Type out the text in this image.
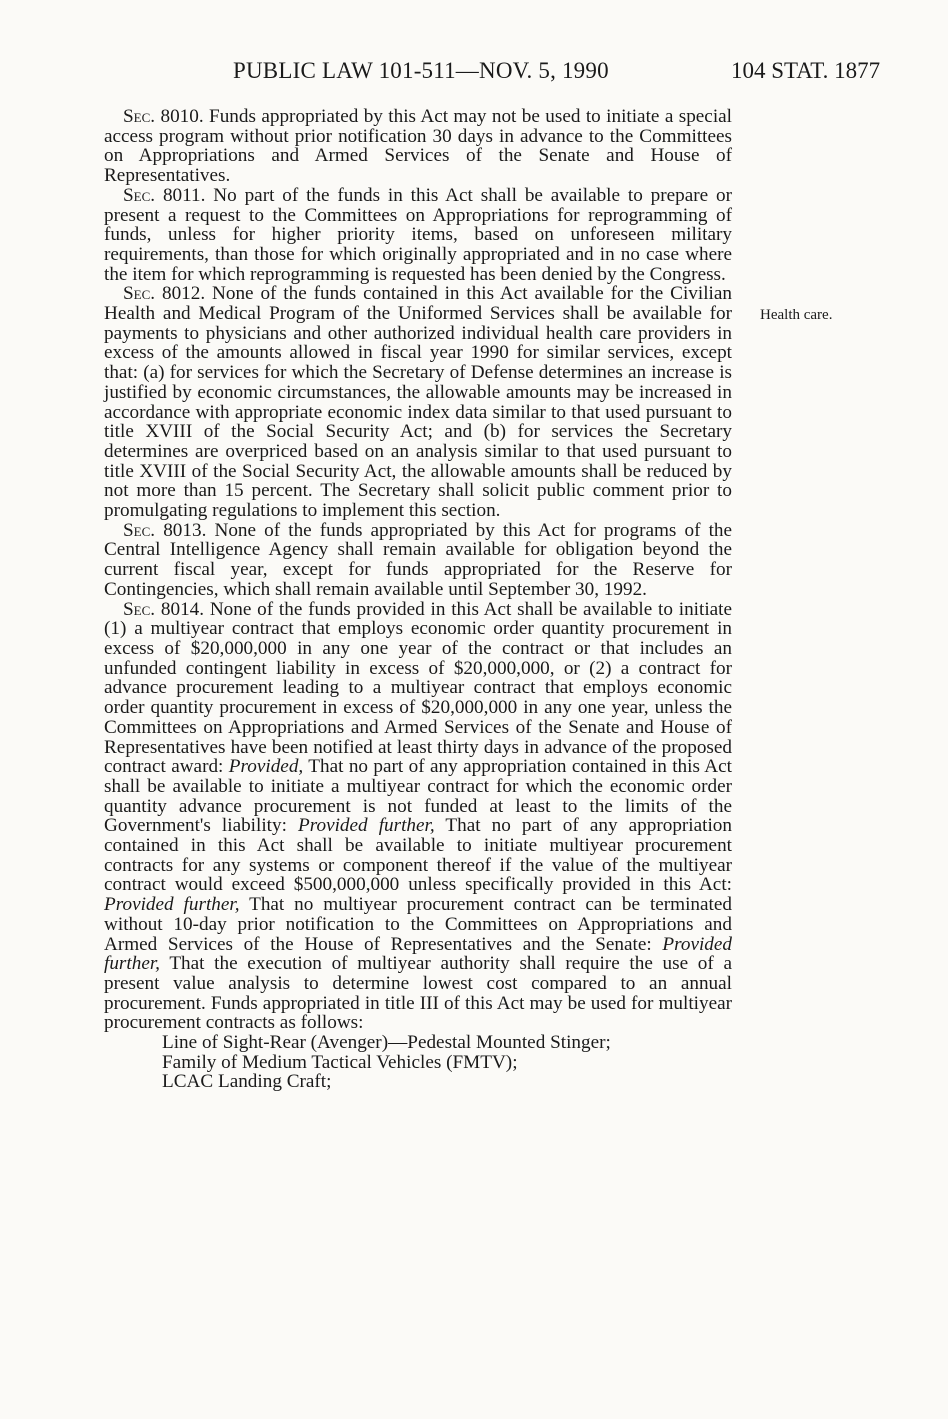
PUBLIC LAW 101-511—NOV. 5, 1990	104 STAT. 1877
Health care.

Sec. 8010. Funds appropriated by this Act may not be used to initiate a special access program without prior notification 30 days in advance to the Committees on Appropriations and Armed Services of the Senate and House of Representatives.

Sec. 8011. No part of the funds in this Act shall be available to prepare or present a request to the Committees on Appropriations for reprogramming of funds, unless for higher priority items, based on unforeseen military requirements, than those for which originally appropriated and in no case where the item for which reprogramming is requested has been denied by the Congress.

Sec. 8012. None of the funds contained in this Act available for the Civilian Health and Medical Program of the Uniformed Services shall be available for payments to physicians and other authorized individual health care providers in excess of the amounts allowed in fiscal year 1990 for similar services, except that: (a) for services for which the Secretary of Defense determines an increase is justified by economic circumstances, the allowable amounts may be increased in accordance with appropriate economic index data similar to that used pursuant to title XVIII of the Social Security Act; and (b) for services the Secretary determines are overpriced based on an analysis similar to that used pursuant to title XVIII of the Social Security Act, the allowable amounts shall be reduced by not more than 15 percent. The Secretary shall solicit public comment prior to promulgating regulations to implement this section.

Sec. 8013. None of the funds appropriated by this Act for programs of the Central Intelligence Agency shall remain available for obligation beyond the current fiscal year, except for funds appropriated for the Reserve for Contingencies, which shall remain available until September 30, 1992.

Sec. 8014. None of the funds provided in this Act shall be available to initiate (1) a multiyear contract that employs economic order quantity procurement in excess of $20,000,000 in any one year of the contract or that includes an unfunded contingent liability in excess of $20,000,000, or (2) a contract for advance procurement leading to a multiyear contract that employs economic order quantity procurement in excess of $20,000,000 in any one year, unless the Committees on Appropriations and Armed Services of the Senate and House of Representatives have been notified at least thirty days in advance of the proposed contract award: Provided, That no part of any appropriation contained in this Act shall be available to initiate a multiyear contract for which the economic order quantity advance procurement is not funded at least to the limits of the Government's liability: Provided further, That no part of any appropriation contained in this Act shall be available to initiate multiyear procurement contracts for any systems or component thereof if the value of the multiyear contract would exceed $500,000,000 unless specifically provided in this Act: Provided further, That no multiyear procurement contract can be terminated without 10-day prior notification to the Committees on Appropriations and Armed Services of the House of Representatives and the Senate: Provided further, That the execution of multiyear authority shall require the use of a present value analysis to determine lowest cost compared to an annual procurement. Funds appropriated in title III of this Act may be used for multiyear procurement contracts as follows:

Line of Sight-Rear (Avenger)—Pedestal Mounted Stinger;
Family of Medium Tactical Vehicles (FMTV);
LCAC Landing Craft;
